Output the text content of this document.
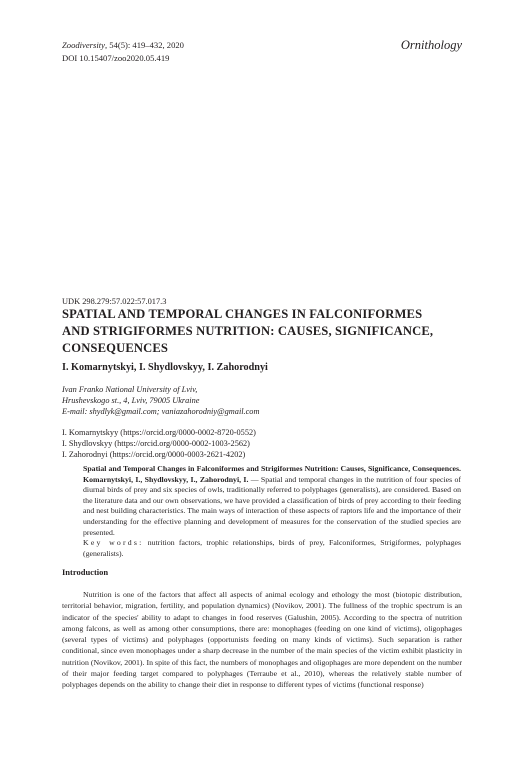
Zoodiversity, 54(5): 419–432, 2020
DOI 10.15407/zoo2020.05.419
Ornithology
UDK 298.279:57.022:57.017.3
SPATIAL AND TEMPORAL CHANGES IN FALCONIFORMES
AND STRIGIFORMES NUTRITION: CAUSES, SIGNIFICANCE,
CONSEQUENCES
I. Komarnytskyi, I. Shydlovskyy, I. Zahorodnyi
Ivan Franko National University of Lviv,
Hrushevskogo st., 4, Lviv, 79005 Ukraine
E-mail: shydlyk@gmail.com; vaniazahorodniy@gmail.com
I. Komarnytskyy (https://orcid.org/0000-0002-8720-0552)
I. Shydlovskyy (https://orcid.org/0000-0002-1003-2562)
I. Zahorodnyi (https://orcid.org/0000-0003-2621-4202)
Spatial and Temporal Changes in Falconiformes and Strigiformes Nutrition: Causes, Significance, Consequences. Komarnytskyi, I., Shydlovskyy, I., Zahorodnyi, I. — Spatial and temporal changes in the nutrition of four species of diurnal birds of prey and six species of owls, traditionally referred to polyphages (generalists), are considered. Based on the literature data and our own observations, we have provided a classification of birds of prey according to their feeding and nest building characteristics. The main ways of interaction of these aspects of raptors life and the importance of their understanding for the effective planning and development of measures for the conservation of the studied species are presented.
Key words: nutrition factors, trophic relationships, birds of prey, Falconiformes, Strigiformes, polyphages (generalists).
Introduction
Nutrition is one of the factors that affect all aspects of animal ecology and ethology the most (biotopic distribution, territorial behavior, migration, fertility, and population dynamics) (Novikov, 2001). The fullness of the trophic spectrum is an indicator of the species' ability to adapt to changes in food reserves (Galushin, 2005). According to the spectra of nutrition among falcons, as well as among other consumptions, there are: monophages (feeding on one kind of victims), oligophages (several types of victims) and polyphages (opportunists feeding on many kinds of victims). Such separation is rather conditional, since even monophages under a sharp decrease in the number of the main species of the victim exhibit plasticity in nutrition (Novikov, 2001). In spite of this fact, the numbers of monophages and oligophages are more dependent on the number of their major feeding target compared to polyphages (Terraube et al., 2010), whereas the relatively stable number of polyphages depends on the ability to change their diet in response to different types of victims (functional response)
